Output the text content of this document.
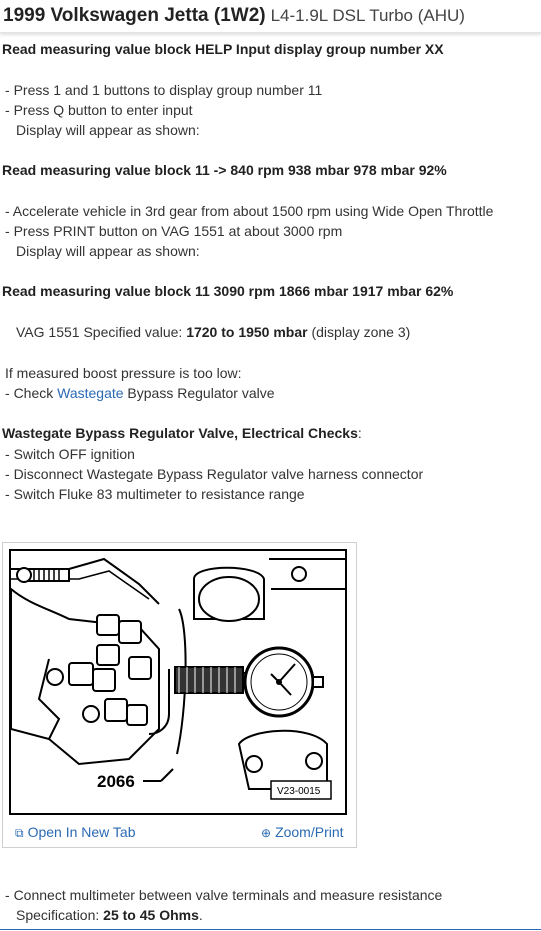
1999 Volkswagen Jetta (1W2) L4-1.9L DSL Turbo (AHU)
Read measuring value block HELP Input display group number XX
- Press 1 and 1 buttons to display group number 11
- Press Q button to enter input
Display will appear as shown:
Read measuring value block 11 -> 840 rpm 938 mbar 978 mbar 92%
- Accelerate vehicle in 3rd gear from about 1500 rpm using Wide Open Throttle
- Press PRINT button on VAG 1551 at about 3000 rpm
Display will appear as shown:
Read measuring value block 11 3090 rpm 1866 mbar 1917 mbar 62%
VAG 1551 Specified value: 1720 to 1950 mbar (display zone 3)
If measured boost pressure is too low:
- Check Wastegate Bypass Regulator valve
Wastegate Bypass Regulator Valve, Electrical Checks:
- Switch OFF ignition
- Disconnect Wastegate Bypass Regulator valve harness connector
- Switch Fluke 83 multimeter to resistance range
2066
V23-0015
⧉ Open In New Tab	⊕ Zoom/Print
- Connect multimeter between valve terminals and measure resistance
Specification: 25 to 45 Ohms.
